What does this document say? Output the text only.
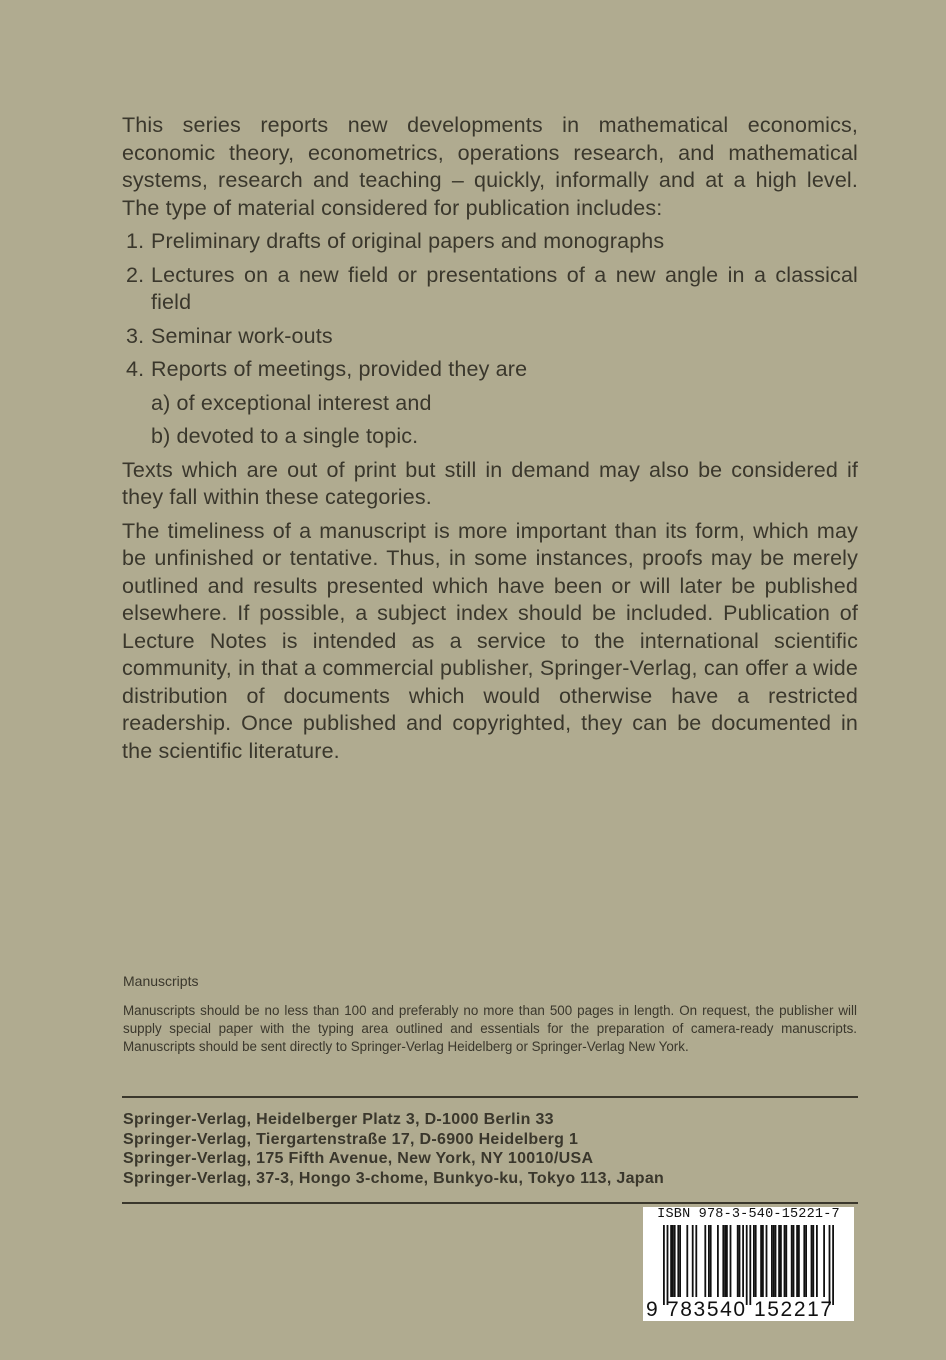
This series reports new developments in mathematical economics, economic theory, econometrics, operations research, and mathematical systems, research and teaching – quickly, informally and at a high level. The type of material considered for publication includes:

1. Preliminary drafts of original papers and monographs
2. Lectures on a new field or presentations of a new angle in a classical field
3. Seminar work-outs
4. Reports of meetings, provided they are
a) of exceptional interest and
b) devoted to a single topic.

Texts which are out of print but still in demand may also be considered if they fall within these categories.

The timeliness of a manuscript is more important than its form, which may be unfinished or tentative. Thus, in some instances, proofs may be merely outlined and results presented which have been or will later be published elsewhere. If possible, a subject index should be included. Publication of Lecture Notes is intended as a service to the international scientific community, in that a commercial publisher, Springer-Verlag, can offer a wide distribution of documents which would otherwise have a restricted readership. Once published and copyrighted, they can be documented in the scientific literature.

Manuscripts
Manuscripts should be no less than 100 and preferably no more than 500 pages in length. On request, the publisher will supply special paper with the typing area outlined and essentials for the preparation of camera-ready manuscripts. Manuscripts should be sent directly to Springer-Verlag Heidelberg or Springer-Verlag New York.
Springer-Verlag, Heidelberger Platz 3, D-1000 Berlin 33
Springer-Verlag, Tiergartenstraße 17, D-6900 Heidelberg 1
Springer-Verlag, 175 Fifth Avenue, New York, NY 10010/USA
Springer-Verlag, 37-3, Hongo 3-chome, Bunkyo-ku, Tokyo 113, Japan
ISBN 978-3-540-15221-7
9 783540 152217
